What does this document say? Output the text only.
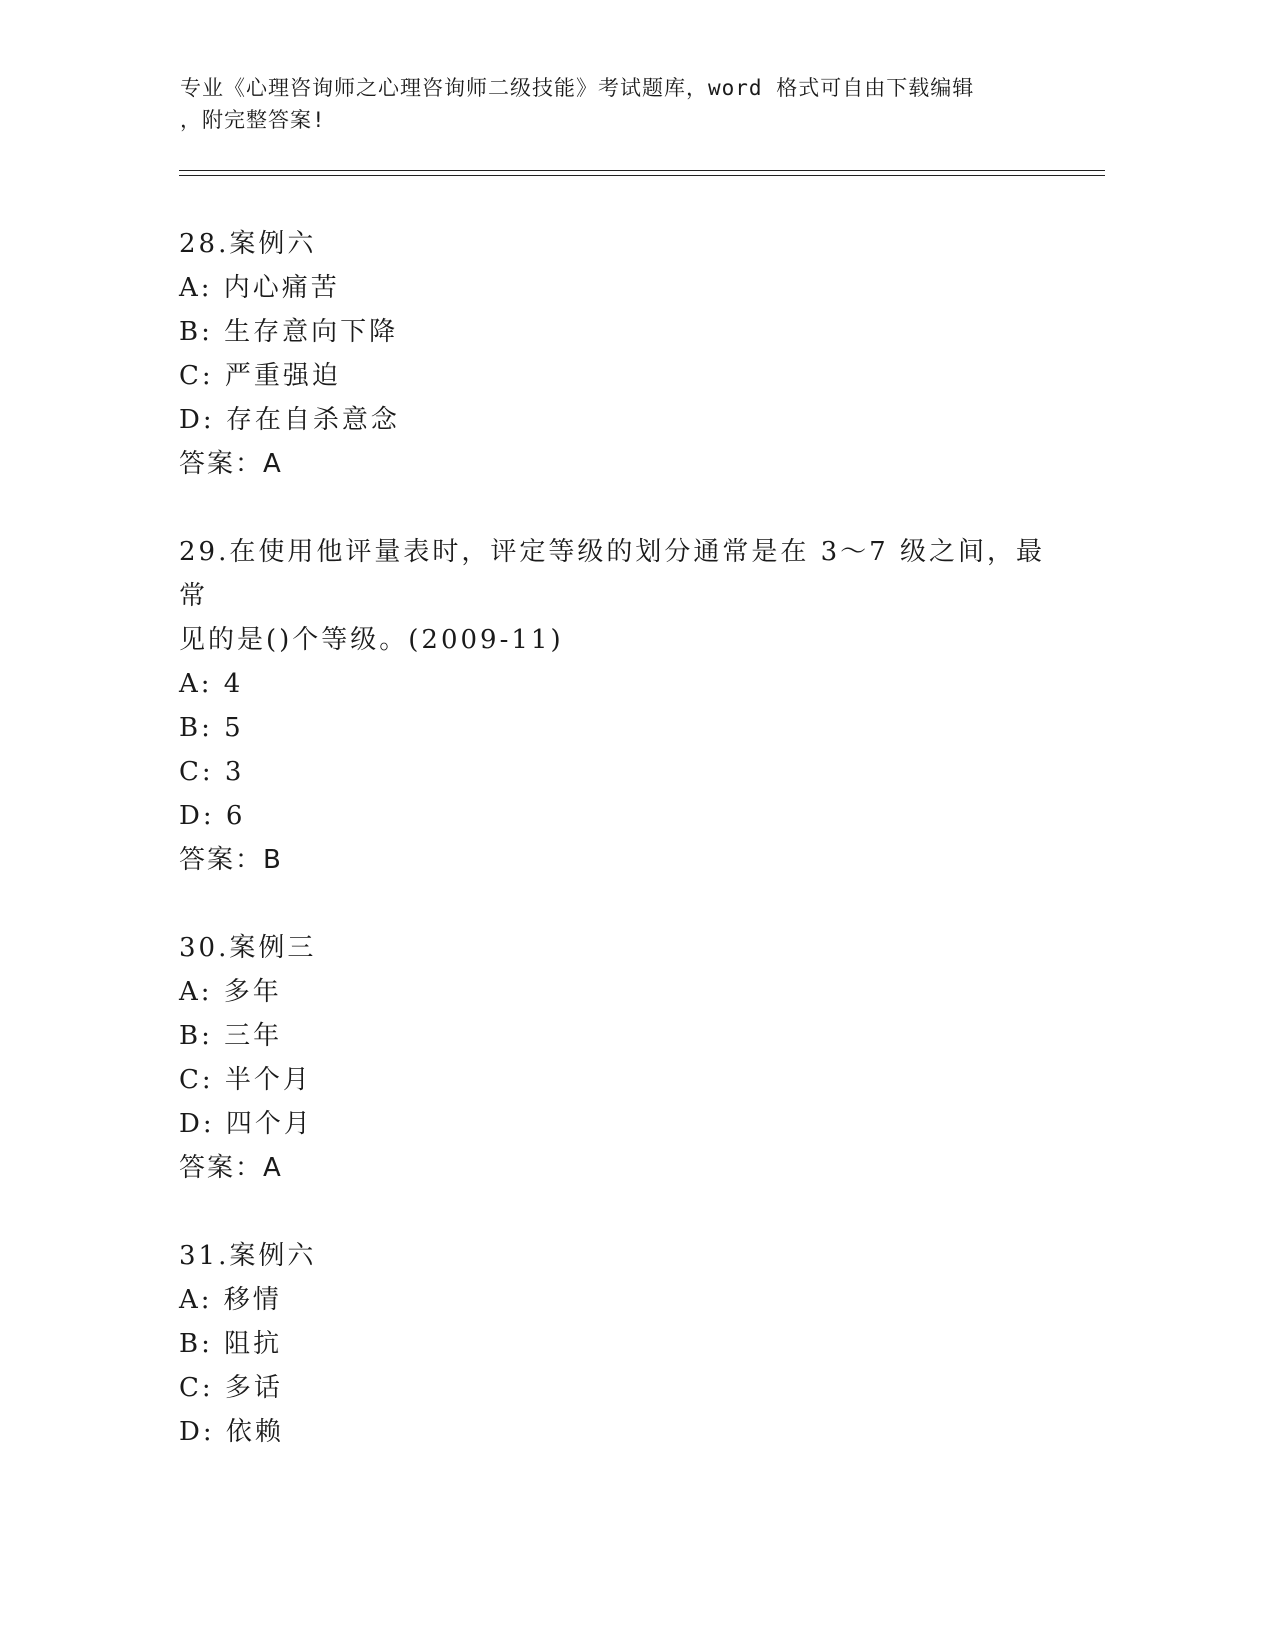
专业《心理咨询师之心理咨询师二级技能》考试题库，word 格式可自由下载编辑
，附完整答案!

28.案例六

A: 内心痛苦

B: 生存意向下降

C: 严重强迫

D: 存在自杀意念

答案：A

29.在使用他评量表时，评定等级的划分通常是在 3～7 级之间，最常

见的是()个等级。(2009-11)

A: 4

B: 5

C: 3

D: 6

答案：B

30.案例三

A: 多年

B: 三年

C: 半个月

D: 四个月

答案：A

31.案例六

A: 移情

B: 阻抗

C: 多话

D: 依赖
